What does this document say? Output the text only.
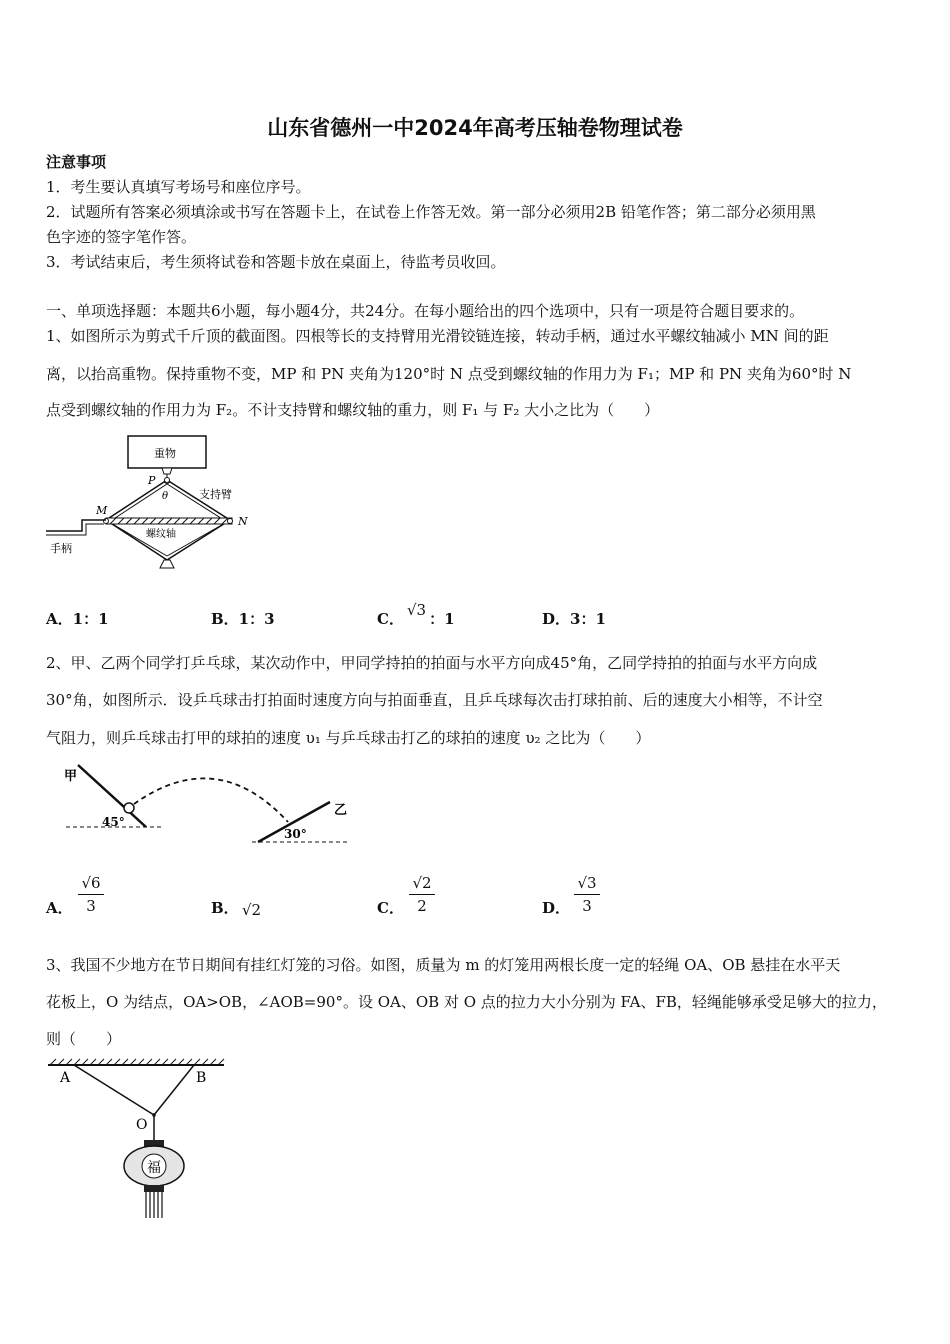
山东省德州一中2024年高考压轴卷物理试卷
注意事项
1．考生要认真填写考场号和座位序号。
2．试题所有答案必须填涂或书写在答题卡上，在试卷上作答无效。第一部分必须用2B 铅笔作答；第二部分必须用黑
色字迹的签字笔作答。
3．考试结束后，考生须将试卷和答题卡放在桌面上，待监考员收回。
一、单项选择题：本题共6小题，每小题4分，共24分。在每小题给出的四个选项中，只有一项是符合题目要求的。
1、如图所示为剪式千斤顶的截面图。四根等长的支持臂用光滑铰链连接，转动手柄，通过水平螺纹轴减小 MN 间的距
离，以抬高重物。保持重物不变，MP 和 PN 夹角为120°时 N 点受到螺纹轴的作用力为 F₁；MP 和 PN 夹角为60°时 N
点受到螺纹轴的作用力为 F₂。不计支持臂和螺纹轴的重力，则 F₁ 与 F₂ 大小之比为（　　）
重物
P
θ	支持臂
M
N
螺纹轴
手柄
A．1：1	B．1：3	C． √3 ：1	D．3：1
2、甲、乙两个同学打乒乓球，某次动作中，甲同学持拍的拍面与水平方向成45°角，乙同学持拍的拍面与水平方向成
30°角，如图所示．设乒乓球击打拍面时速度方向与拍面垂直，且乒乓球每次击打球拍前、后的速度大小相等，不计空
气阻力，则乒乓球击打甲的球拍的速度 υ₁ 与乒乓球击打乙的球拍的速度 υ₂ 之比为（　　）
甲
乙
45°
30°
A．
√6
3	B． √2	C．
√2
2	D．
√3
3
3、我国不少地方在节日期间有挂红灯笼的习俗。如图，质量为 m 的灯笼用两根长度一定的轻绳 OA、OB 悬挂在水平天
花板上，O 为结点，OA>OB，∠AOB=90°。设 OA、OB 对 O 点的拉力大小分别为 FA、FB，轻绳能够承受足够大的拉力，
则（　　）
福
A	B
O
